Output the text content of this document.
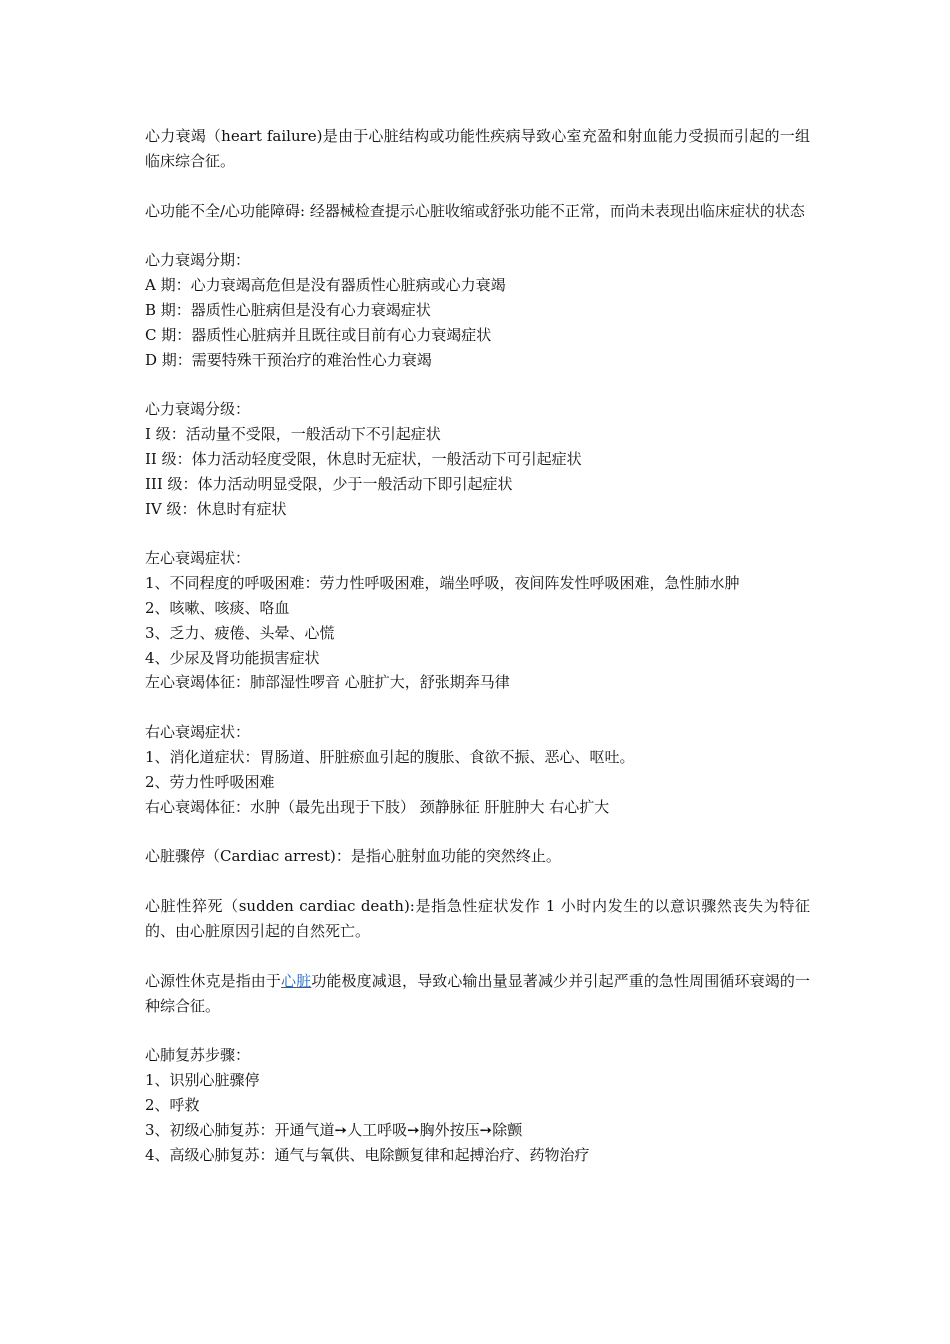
心力衰竭（heart failure)是由于心脏结构或功能性疾病导致心室充盈和射血能力受损而引起的一组临床综合征。

心功能不全/心功能障碍: 经器械检查提示心脏收缩或舒张功能不正常，而尚未表现出临床症状的状态

心力衰竭分期：
A 期：心力衰竭高危但是没有器质性心脏病或心力衰竭
B 期：器质性心脏病但是没有心力衰竭症状
C 期：器质性心脏病并且既往或目前有心力衰竭症状
D 期：需要特殊干预治疗的难治性心力衰竭
心力衰竭分级：
I 级：活动量不受限，一般活动下不引起症状
II 级：体力活动轻度受限，休息时无症状，一般活动下可引起症状
III 级：体力活动明显受限，少于一般活动下即引起症状
IV 级：休息时有症状
左心衰竭症状：
1、不同程度的呼吸困难：劳力性呼吸困难，端坐呼吸，夜间阵发性呼吸困难，急性肺水肿
2、咳嗽、咳痰、咯血
3、乏力、疲倦、头晕、心慌
4、少尿及肾功能损害症状
左心衰竭体征：肺部湿性啰音 心脏扩大，舒张期奔马律
右心衰竭症状：
1、消化道症状：胃肠道、肝脏瘀血引起的腹胀、食欲不振、恶心、呕吐。
2、劳力性呼吸困难
右心衰竭体征：水肿（最先出现于下肢） 颈静脉征 肝脏肿大 右心扩大

心脏骤停（Cardiac arrest)：是指心脏射血功能的突然终止。

心脏性猝死（sudden cardiac death):是指急性症状发作 1 小时内发生的以意识骤然丧失为特征的、由心脏原因引起的自然死亡。

心源性休克是指由于心脏功能极度减退，导致心输出量显著减少并引起严重的急性周围循环衰竭的一种综合征。

心肺复苏步骤：
1、识别心脏骤停
2、呼救
3、初级心肺复苏：开通气道➙人工呼吸➙胸外按压➙除颤
4、高级心肺复苏：通气与氧供、电除颤复律和起搏治疗、药物治疗
